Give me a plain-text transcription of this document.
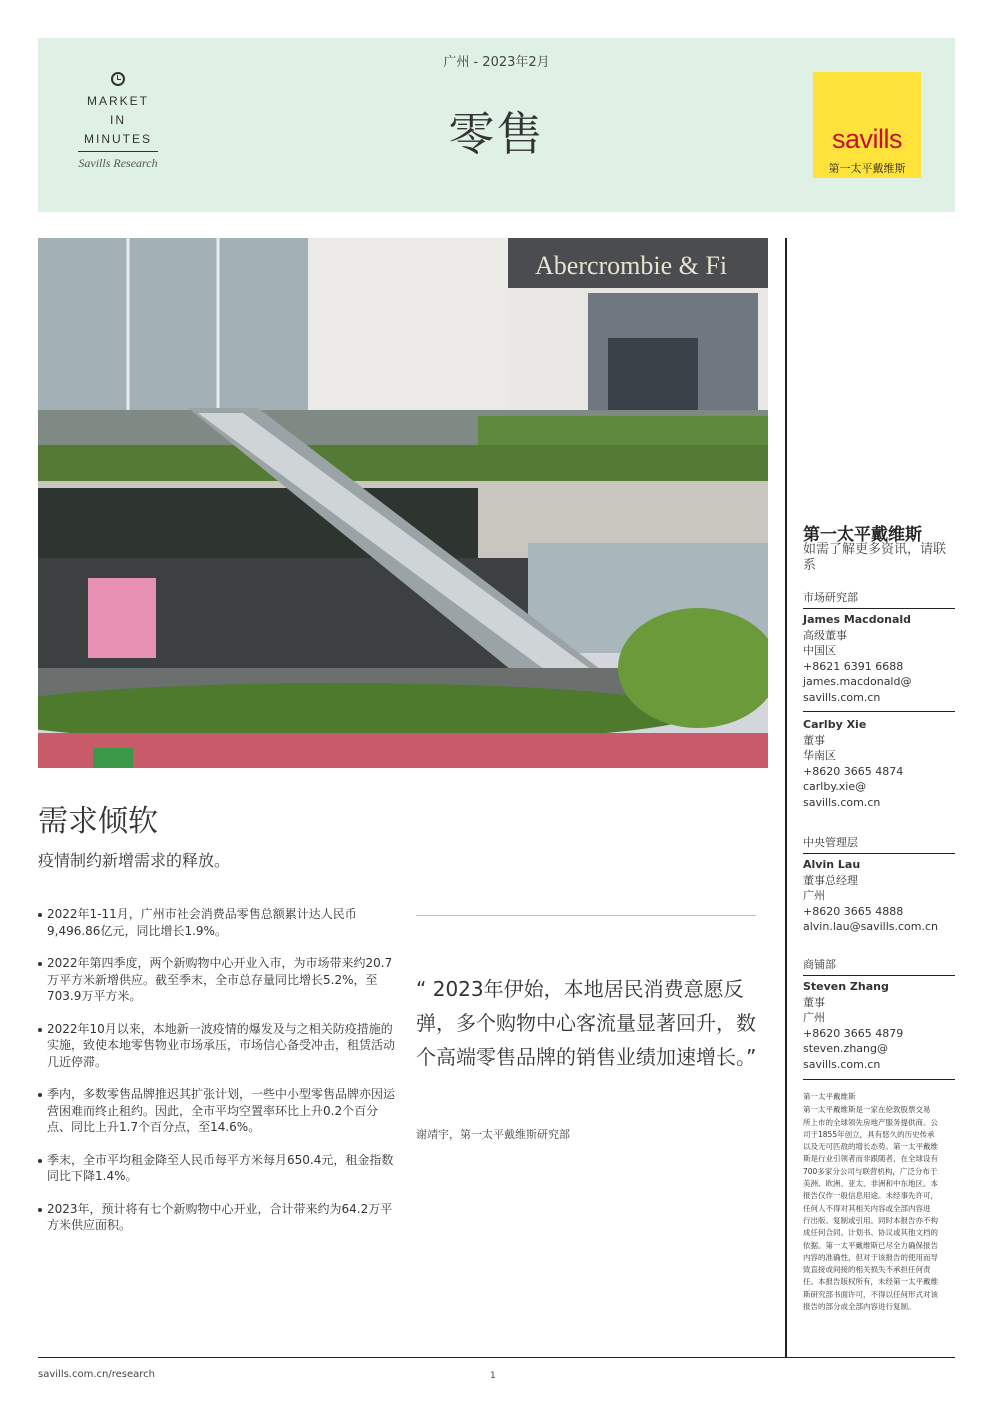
MARKET
IN
MINUTES
Savills Research
广州 - 2023年2月
零售	savills
第一太平戴维斯
Abercrombie & Fi
需求倾软
疫情制约新增需求的释放。
2022年1-11月，广州市社会消费品零售总额累计达人民币9,496.86亿元，同比增长1.9%。
2022年第四季度，两个新购物中心开业入市，为市场带来约20.7万平方米新增供应。截至季末，全市总存量同比增长5.2%，至703.9万平方米。
2022年10月以来，本地新一波疫情的爆发及与之相关防疫措施的实施，致使本地零售物业市场承压，市场信心备受冲击，租赁活动几近停滞。
季内，多数零售品牌推迟其扩张计划，一些中小型零售品牌亦因运营困难而终止租约。因此，全市平均空置率环比上升0.2个百分点、同比上升1.7个百分点，至14.6%。
季末，全市平均租金降至人民币每平方米每月650.4元，租金指数同比下降1.4%。
2023年，预计将有七个新购物中心开业，合计带来约为64.2万平方米供应面积。
“ 2023年伊始，本地居民消费意愿反弹，多个购物中心客流量显著回升，数个高端零售品牌的销售业绩加速增长。”
谢靖宇，第一太平戴维斯研究部
第一太平戴维斯
如需了解更多资讯，请联系
市场研究部
James Macdonald
高级董事
中国区
+8621 6391 6688
james.macdonald@
savills.com.cn
Carlby Xie
董事
华南区
+8620 3665 4874
carlby.xie@
savills.com.cn
中央管理层
Alvin Lau
董事总经理
广州
+8620 3665 4888
alvin.lau@savills.com.cn
商铺部
Steven Zhang
董事
广州
+8620 3665 4879
steven.zhang@
savills.com.cn
第一太平戴维斯
第一太平戴维斯是一家在伦敦股票交易
所上市的全球领先房地产服务提供商。公
司于1855年创立，具有悠久的历史传承
以及无可匹敌的增长态势。第一太平戴维
斯是行业引领者而非跟随者，在全球设有
700多家分公司与联营机构，广泛分布于
美洲、欧洲、亚太、非洲和中东地区。本
报告仅作一般信息用途。未经事先许可，
任何人不得对其相关内容或全部内容进
行出版、复制或引用。同时本报告亦不构
成任何合同、计划书、协议或其他文档的
依据。第一太平戴维斯已尽全力确保报告
内容的准确性，但对于该报告的使用而导
致直接或间接的相关损失不承担任何责
任。本报告版权所有，未经第一太平戴维
斯研究部书面许可，不得以任何形式对该
报告的部分或全部内容进行复制。
savills.com.cn/research	1
